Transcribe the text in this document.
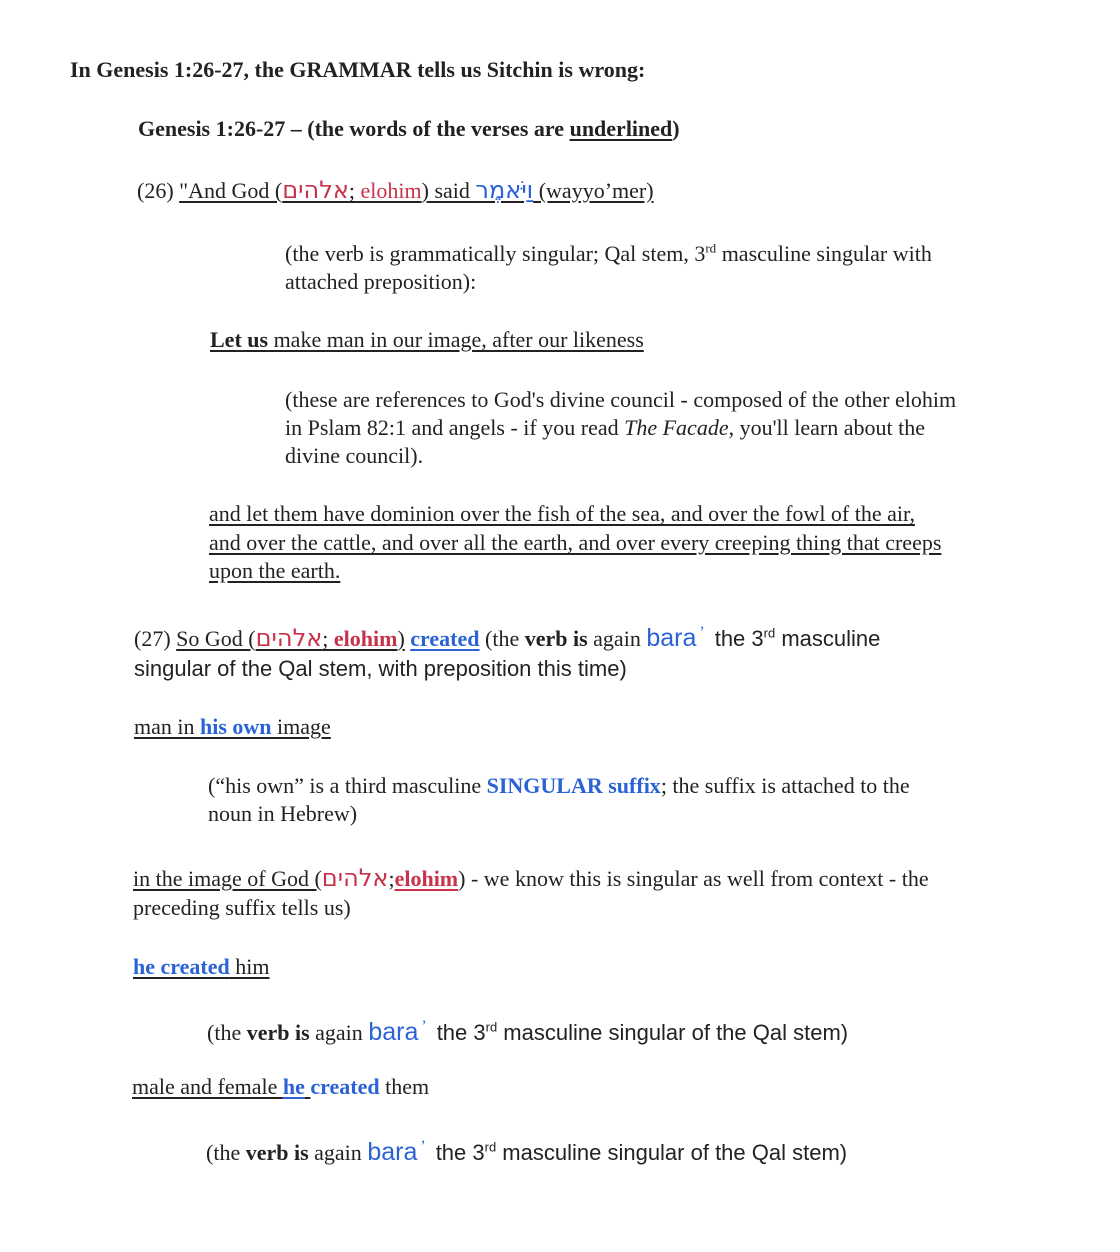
In Genesis 1:26-27, the GRAMMAR tells us Sitchin is wrong:
Genesis 1:26-27 – (the words of the verses are underlined)
(26) "And God (אלהים; elohim) said וַיֹּאמֶר (wayyo’mer)
(the verb is grammatically singular; Qal stem, 3rd masculine singular with
attached preposition):
Let us make man in our image, after our likeness
(these are references to God's divine council - composed of the other elohim
in Pslam 82:1 and angels - if you read The Facade, you'll learn about the
divine council).
and let them have dominion over the fish of the sea, and over the fowl of the air,
and over the cattle, and over all the earth, and over every creeping thing that creeps
upon the earth.
(27) So God (אלהים; elohim) created (the verb is again bara $^ʼ$ the 3rd masculine
singular of the Qal stem, with preposition this time)
man in his own image
(“his own” is a third masculine SINGULAR suffix; the suffix is attached to the
noun in Hebrew)
in the image of God (אלהים;elohim) - we know this is singular as well from context - the
preceding suffix tells us)
he created him
(the verb is again bara $^ʼ$ the 3rd masculine singular of the Qal stem)
male and female he created them
(the verb is again bara $^ʼ$ the 3rd masculine singular of the Qal stem)
